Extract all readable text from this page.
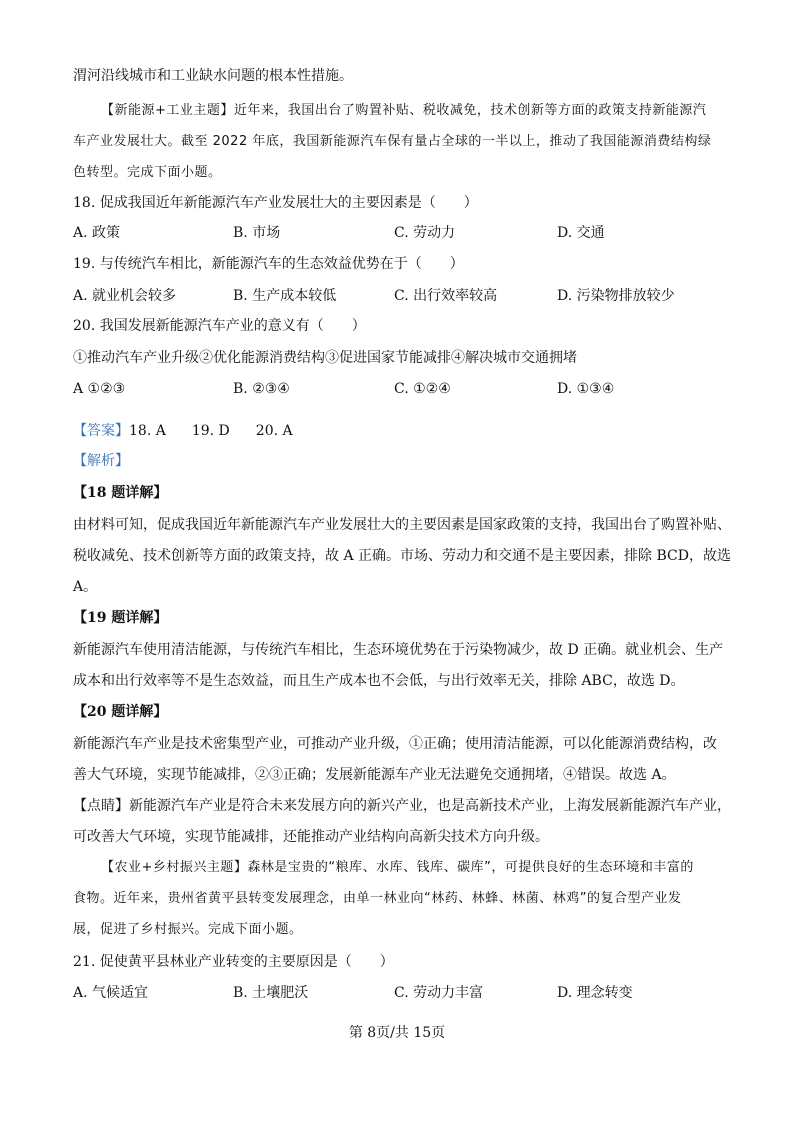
渭河沿线城市和工业缺水问题的根本性措施。
【新能源+工业主题】近年来，我国出台了购置补贴、税收减免，技术创新等方面的政策支持新能源汽
车产业发展壮大。截至 2022 年底，我国新能源汽车保有量占全球的一半以上，推动了我国能源消费结构绿
色转型。完成下面小题。
18. 促成我国近年新能源汽车产业发展壮大的主要因素是（　　）
A. 政策	B. 市场	C. 劳动力	D. 交通
19. 与传统汽车相比，新能源汽车的生态效益优势在于（　　）
A. 就业机会较多	B. 生产成本较低	C. 出行效率较高	D. 污染物排放较少
20. 我国发展新能源汽车产业的意义有（　　）
①推动汽车产业升级②优化能源消费结构③促进国家节能减排④解决城市交通拥堵
A ①②③	B. ②③④	C. ①②④	D. ①③④
【答案】18. A 19. D 20. A
【解析】
【18 题详解】
由材料可知，促成我国近年新能源汽车产业发展壮大的主要因素是国家政策的支持，我国出台了购置补贴、
税收减免、技术创新等方面的政策支持，故 A 正确。市场、劳动力和交通不是主要因素，排除 BCD，故选
A。
【19 题详解】
新能源汽车使用清洁能源，与传统汽车相比，生态环境优势在于污染物减少，故 D 正确。就业机会、生产
成本和出行效率等不是生态效益，而且生产成本也不会低，与出行效率无关，排除 ABC，故选 D。
【20 题详解】
新能源汽车产业是技术密集型产业，可推动产业升级，①正确；使用清洁能源，可以化能源消费结构，改
善大气环境，实现节能减排，②③正确；发展新能源车产业无法避免交通拥堵，④错误。故选 A。
【点睛】新能源汽车产业是符合未来发展方向的新兴产业，也是高新技术产业，上海发展新能源汽车产业，
可改善大气环境，实现节能减排，还能推动产业结构向高新尖技术方向升级。
【农业+乡村振兴主题】森林是宝贵的“粮库、水库、钱库、碳库”，可提供良好的生态环境和丰富的
食物。近年来，贵州省黄平县转变发展理念，由单一林业向“林药、林蜂、林菌、林鸡”的复合型产业发
展，促进了乡村振兴。完成下面小题。
21. 促使黄平县林业产业转变的主要原因是（　　）
A. 气候适宜	B. 土壤肥沃	C. 劳动力丰富	D. 理念转变
第 8页/共 15页
